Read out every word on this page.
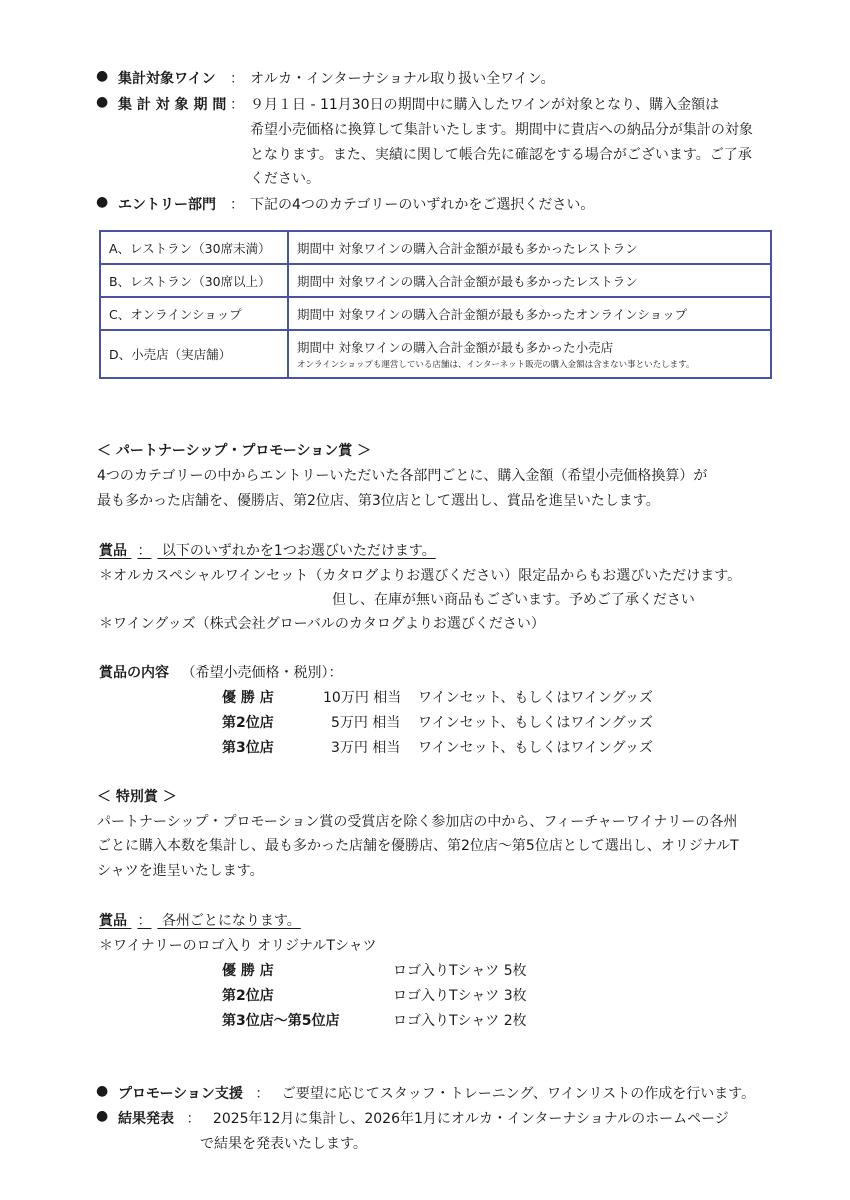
● 集計対象ワイン ： オルカ・インターナショナル取り扱い全ワイン。
● 集 計 対 象 期 間 ： ９月１日 - 11月30日の期間中に購入したワインが対象となり、購入金額は
希望小売価格に換算して集計いたします。期間中に貴店への納品分が集計の対象
となります。また、実績に関して帳合先に確認をする場合がございます。ご了承
ください。
● エントリー部門 ： 下記の4つのカテゴリーのいずれかをご選択ください。
A、レストラン（30席未満）	期間中 対象ワインの購入合計金額が最も多かったレストラン
B、レストラン（30席以上）	期間中 対象ワインの購入合計金額が最も多かったレストラン
C、オンラインショップ	期間中 対象ワインの購入合計金額が最も多かったオンラインショップ
D、小売店（実店舗）	期間中 対象ワインの購入合計金額が最も多かった小売店
オンラインショップも運営している店舗は、インターネット販売の購入金額は含まない事といたします。
＜ パートナーシップ・プロモーション賞 ＞
4つのカテゴリーの中からエントリーいただいた各部門ごとに、購入金額（希望小売価格換算）が
最も多かった店舗を、優勝店、第2位店、第3位店として選出し、賞品を進呈いたします。
賞品 ： 以下のいずれかを1つお選びいただけます。
＊オルカスペシャルワインセット（カタログよりお選びください）限定品からもお選びいただけます。
但し、在庫が無い商品もございます。予めご了承ください
＊ワイングッズ（株式会社グローバルのカタログよりお選びください）
賞品の内容 （希望小売価格・税別）：
優 勝 店	10万円 相当 ワインセット、もしくはワイングッズ
第2位店	5万円 相当 ワインセット、もしくはワイングッズ
第3位店	3万円 相当 ワインセット、もしくはワイングッズ
＜ 特別賞 ＞
パートナーシップ・プロモーション賞の受賞店を除く参加店の中から、フィーチャーワイナリーの各州
ごとに購入本数を集計し、最も多かった店舗を優勝店、第2位店～第5位店として選出し、オリジナルT
シャツを進呈いたします。
賞品 ： 各州ごとになります。
＊ワイナリーのロゴ入り オリジナルTシャツ
優 勝 店	ロゴ入りTシャツ 5枚
第2位店	ロゴ入りTシャツ 3枚
第3位店～第5位店	ロゴ入りTシャツ 2枚
● プロモーション支援 ： ご要望に応じてスタッフ・トレーニング、ワインリストの作成を行います。
● 結果発表 ： 2025年12月に集計し、2026年1月にオルカ・インターナショナルのホームページ
で結果を発表いたします。
